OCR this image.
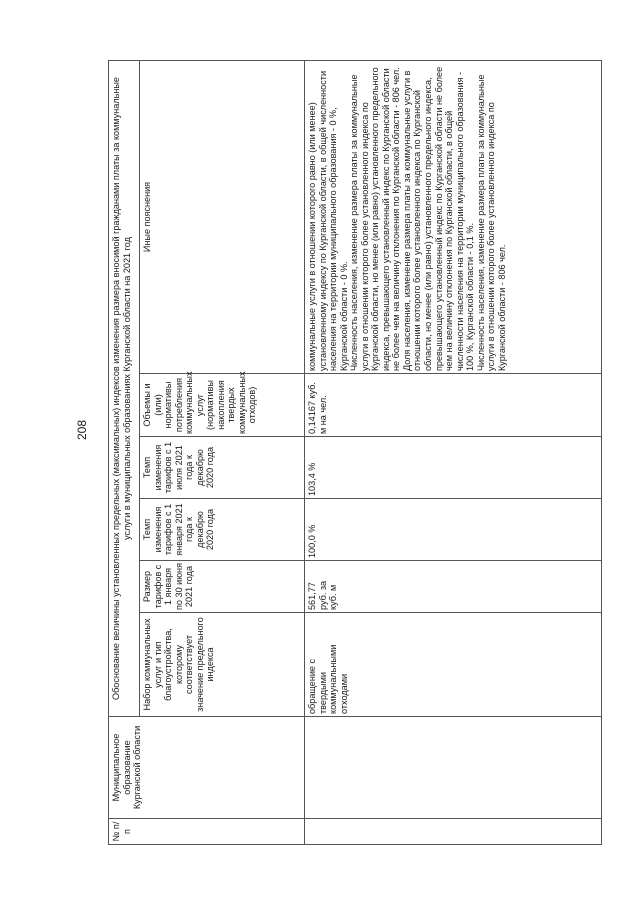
208
№ п/п	Муниципальное образование Курганской области	Обоснование величины установленных предельных (максимальных) индексов изменения размера вносимой гражданами платы за коммунальные услуги в муниципальных образованиях Курганской области на 2021 год					
		Набор коммунальных услуг и тип благоустройства, которому соответствует значение предельного индекса	Размер тарифов с 1 января по 30 июня 2021 года	Темп изменения тарифов с 1 января 2021 года к декабрю 2020 года	Темп изменения тарифов с 1 июля 2021 года к декабрю 2020 года	Объемы и (или) нормативы потребления коммунальных услуг (нормативы накопления твердых коммунальных отходов)	Иные пояснения
		обращение с твердыми коммунальными отходами	561,77 руб. за куб. м	100,0 %	103,4 %	0,14167 куб. м на чел.	коммунальные услуги в отношении которого равно (или менее) установленному индексу по Курганской области, в общей численности населения на территории муниципального образования - 0 %, Курганской области - 0 %. Численность населения, изменение размера платы за коммунальные услуги в отношении которого более установленного индекса по Курганской области, но менее (или равно) установленного предельного индекса, превышающего установленный индекс по Курганской области не более чем на величину отклонения по Курганской области - 806 чел. Доля населения, изменение размера платы за коммунальные услуги в отношении которого более установленного индекса по Курганской области, но менее (или равно) установленного предельного индекса, превышающего установленный индекс по Курганской области не более чем на величину отклонения по Курганской области, в общей численности населения на территории муниципального образования - 100 %, Курганской области - 0,1 %. Численность населения, изменение размера платы за коммунальные услуги в отношении которого более установленного индекса по Курганской области - 806 чел.
